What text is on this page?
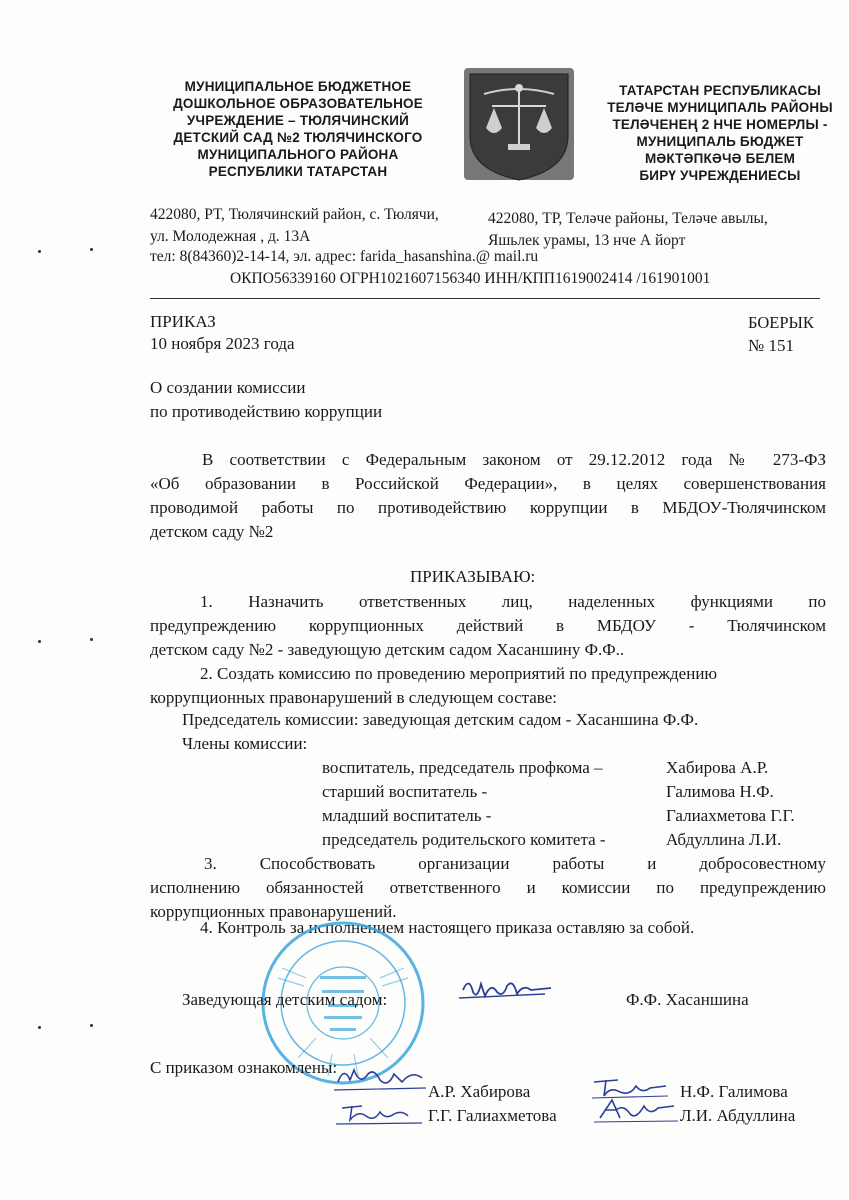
МУНИЦИПАЛЬНОЕ БЮДЖЕТНОЕ
ДОШКОЛЬНОЕ ОБРАЗОВАТЕЛЬНОЕ
УЧРЕЖДЕНИЕ – ТЮЛЯЧИНСКИЙ
ДЕТСКИЙ САД №2 ТЮЛЯЧИНСКОГО
МУНИЦИПАЛЬНОГО РАЙОНА
РЕСПУБЛИКИ ТАТАРСТАН
ТАТАРСТАН РЕСПУБЛИКАСЫ
ТЕЛӘЧЕ МУНИЦИПАЛЬ РАЙОНЫ
ТЕЛӘЧЕНЕҢ 2 НЧЕ НОМЕРЛЫ -
МУНИЦИПАЛЬ БЮДЖЕТ
МӘКТӘПКӘЧӘ БЕЛЕМ
БИРҮ УЧРЕЖДЕНИЕСЫ
422080, РТ, Тюлячинский район, с. Тюлячи,
ул. Молодежная , д. 13А
422080, ТР, Теләче районы, Теләче авылы,
Яшьлек урамы, 13 нче А йорт
тел: 8(84360)2-14-14, эл. адрес: farida_hasanshina.@ mail.ru
ОКПО56339160 ОГРН1021607156340 ИНН/КПП1619002414 /161901001
ПРИКАЗ
10 ноября 2023 года
БОЕРЫК
№ 151
О создании комиссии
по противодействию коррупции
В соответствии с Федеральным законом от 29.12.2012 года № 273-ФЗ
«Об образовании в Российской Федерации», в целях совершенствования
проводимой работы по противодействию коррупции в МБДОУ-Тюлячинском
детском саду №2
ПРИКАЗЫВАЮ:
1. Назначить ответственных лиц, наделенных функциями по
предупреждению коррупционных действий в МБДОУ - Тюлячинском
детском саду №2 - заведующую детским садом Хасаншину Ф.Ф..
2. Создать комиссию по проведению мероприятий по предупреждению
коррупционных правонарушений в следующем составе:
Председатель комиссии: заведующая детским садом - Хасаншина Ф.Ф.
Члены комиссии:
воспитатель, председатель профкома –	Хабирова А.Р.
старший воспитатель -	Галимова Н.Ф.
младший воспитатель -	Галиахметова Г.Г.
председатель родительского комитета -	Абдуллина Л.И.
3. Способствовать организации работы и добросовестному
исполнению обязанностей ответственного и комиссии по предупреждению
коррупционных правонарушений.
4. Контроль за исполнением настоящего приказа оставляю за собой.
Заведующая детским садом:	Ф.Ф. Хасаншина
С приказом ознакомлены:
А.Р. Хабирова	Н.Ф. Галимова
Г.Г. Галиахметова	Л.И. Абдуллина
